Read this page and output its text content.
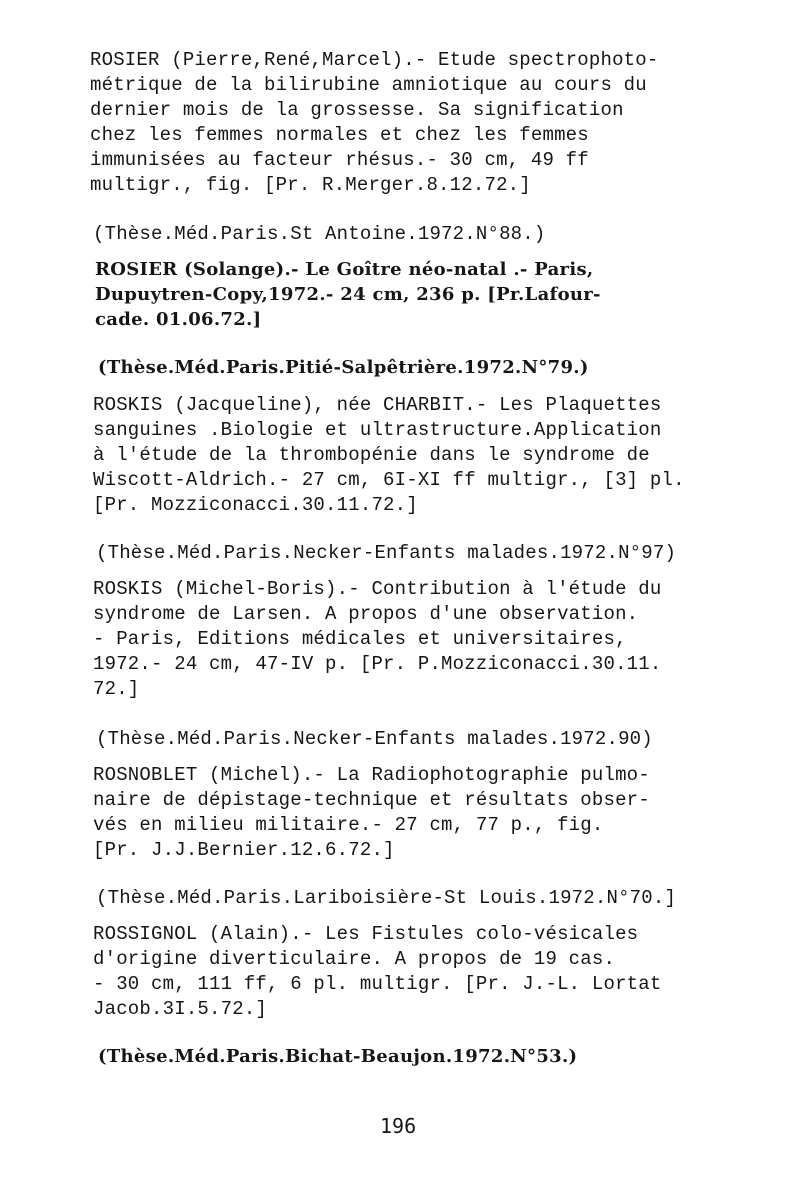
ROSIER (Pierre,René,Marcel).- Etude spectrophoto-
métrique de la bilirubine amniotique au cours du
dernier mois de la grossesse. Sa signification
chez les femmes normales et chez les femmes
immunisées au facteur rhésus.- 30 cm, 49 ff
multigr., fig. [Pr. R.Merger.8.12.72.]
(Thèse.Méd.Paris.St Antoine.1972.N°88.)
ROSIER (Solange).- Le Goître néo-natal .- Paris,
Dupuytren-Copy,1972.- 24 cm, 236 p. [Pr.Lafour-
cade. 01.06.72.]
(Thèse.Méd.Paris.Pitié-Salpêtrière.1972.N°79.)
ROSKIS (Jacqueline), née CHARBIT.- Les Plaquettes
sanguines .Biologie et ultrastructure.Application
à l'étude de la thrombopénie dans le syndrome de
Wiscott-Aldrich.- 27 cm, 6I-XI ff multigr., [3] pl.
[Pr. Mozziconacci.30.11.72.]
(Thèse.Méd.Paris.Necker-Enfants malades.1972.N°97)
ROSKIS (Michel-Boris).- Contribution à l'étude du
syndrome de Larsen. A propos d'une observation.
- Paris, Editions médicales et universitaires,
1972.- 24 cm, 47-IV p. [Pr. P.Mozziconacci.30.11.
72.]
(Thèse.Méd.Paris.Necker-Enfants malades.1972.90)
ROSNOBLET (Michel).- La Radiophotographie pulmo-
naire de dépistage-technique et résultats obser-
vés en milieu militaire.- 27 cm, 77 p., fig.
[Pr. J.J.Bernier.12.6.72.]
(Thèse.Méd.Paris.Lariboisière-St Louis.1972.N°70.]
ROSSIGNOL (Alain).- Les Fistules colo-vésicales
d'origine diverticulaire. A propos de 19 cas.
- 30 cm, 111 ff, 6 pl. multigr. [Pr. J.-L. Lortat
Jacob.3I.5.72.]
(Thèse.Méd.Paris.Bichat-Beaujon.1972.N°53.)
196
